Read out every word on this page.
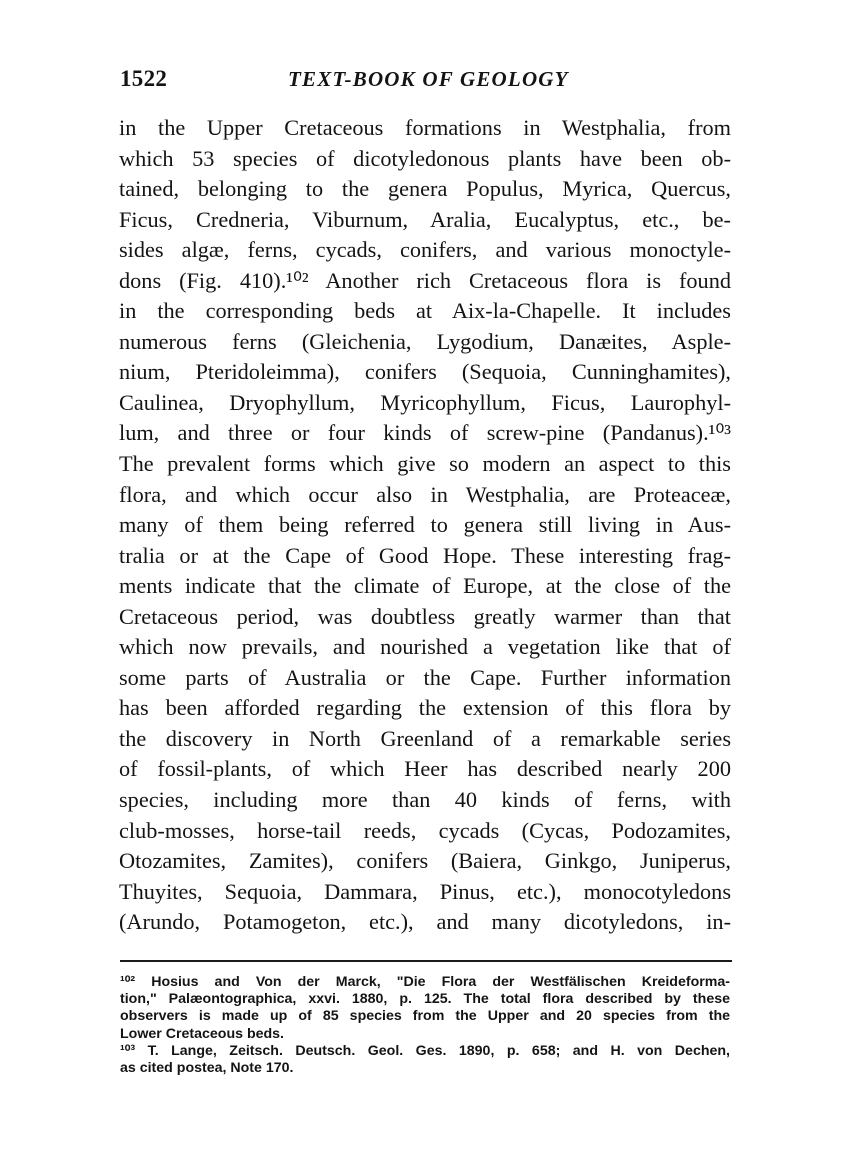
1522	TEXT-BOOK OF GEOLOGY
in the Upper Cretaceous formations in Westphalia, from
which 53 species of dicotyledonous plants have been ob-
tained, belonging to the genera Populus, Myrica, Quercus,
Ficus, Credneria, Viburnum, Aralia, Eucalyptus, etc., be-
sides algæ, ferns, cycads, conifers, and various monoctyle-
dons (Fig. 410).¹⁰² Another rich Cretaceous flora is found
in the corresponding beds at Aix-la-Chapelle. It includes
numerous ferns (Gleichenia, Lygodium, Danæites, Asple-
nium, Pteridoleimma), conifers (Sequoia, Cunninghamites),
Caulinea, Dryophyllum, Myricophyllum, Ficus, Laurophyl-
lum, and three or four kinds of screw-pine (Pandanus).¹⁰³
The prevalent forms which give so modern an aspect to this
flora, and which occur also in Westphalia, are Proteaceæ,
many of them being referred to genera still living in Aus-
tralia or at the Cape of Good Hope. These interesting frag-
ments indicate that the climate of Europe, at the close of the
Cretaceous period, was doubtless greatly warmer than that
which now prevails, and nourished a vegetation like that of
some parts of Australia or the Cape. Further information
has been afforded regarding the extension of this flora by
the discovery in North Greenland of a remarkable series
of fossil-plants, of which Heer has described nearly 200
species, including more than 40 kinds of ferns, with
club-mosses, horse-tail reeds, cycads (Cycas, Podozamites,
Otozamites, Zamites), conifers (Baiera, Ginkgo, Juniperus,
Thuyites, Sequoia, Dammara, Pinus, etc.), monocotyledons
(Arundo, Potamogeton, etc.), and many dicotyledons, in-
¹⁰² Hosius and Von der Marck, "Die Flora der Westfälischen Kreideforma-
tion," Palæontographica, xxvi. 1880, p. 125. The total flora described by these
observers is made up of 85 species from the Upper and 20 species from the
Lower Cretaceous beds.
¹⁰³ T. Lange, Zeitsch. Deutsch. Geol. Ges. 1890, p. 658; and H. von Dechen,
as cited postea, Note 170.
